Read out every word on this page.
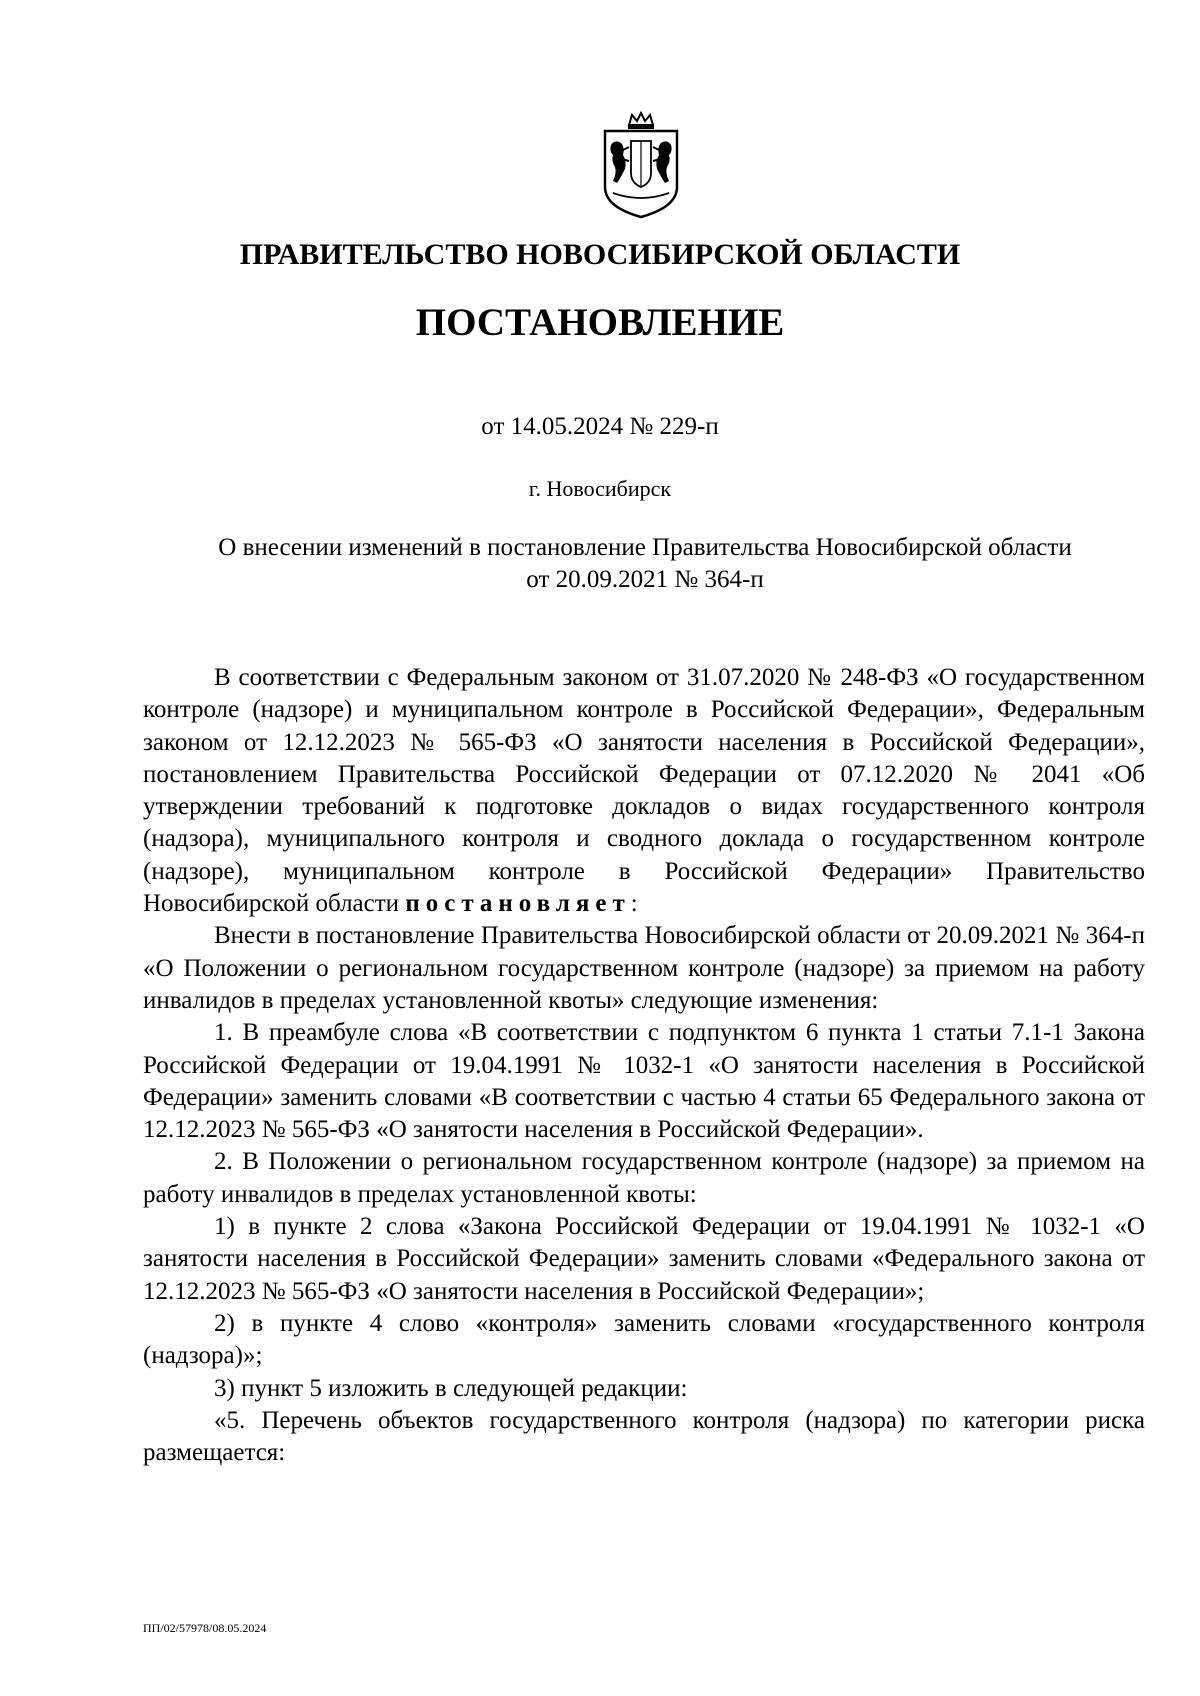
ПРАВИТЕЛЬСТВО НОВОСИБИРСКОЙ ОБЛАСТИ
ПОСТАНОВЛЕНИЕ
от 14.05.2024 № 229-п
г. Новосибирск
О внесении изменений в постановление Правительства Новосибирской области
от 20.09.2021 № 364-п

В соответствии с Федеральным законом от 31.07.2020 № 248-ФЗ «О государственном контроле (надзоре) и муниципальном контроле в Российской Федерации», Федеральным законом от 12.12.2023 № 565-ФЗ «О занятости населения в Российской Федерации», постановлением Правительства Российской Федерации от 07.12.2020 № 2041 «Об утверждении требований к подготовке докладов о видах государственного контроля (надзора), муниципального контроля и сводного доклада о государственном контроле (надзоре), муниципальном контроле в Российской Федерации» Правительство Новосибирской области постановляет:

Внести в постановление Правительства Новосибирской области от 20.09.2021 № 364-п «О Положении о региональном государственном контроле (надзоре) за приемом на работу инвалидов в пределах установленной квоты» следующие изменения:

1. В преамбуле слова «В соответствии с подпунктом 6 пункта 1 статьи 7.1-1 Закона Российской Федерации от 19.04.1991 № 1032-1 «О занятости населения в Российской Федерации» заменить словами «В соответствии с частью 4 статьи 65 Федерального закона от 12.12.2023 № 565-ФЗ «О занятости населения в Российской Федерации».

2. В Положении о региональном государственном контроле (надзоре) за приемом на работу инвалидов в пределах установленной квоты:

1) в пункте 2 слова «Закона Российской Федерации от 19.04.1991 № 1032-1 «О занятости населения в Российской Федерации» заменить словами «Федерального закона от 12.12.2023 № 565-ФЗ «О занятости населения в Российской Федерации»;

2) в пункте 4 слово «контроля» заменить словами «государственного контроля (надзора)»;

3) пункт 5 изложить в следующей редакции:

«5. Перечень объектов государственного контроля (надзора) по категории риска размещается:

ПП/02/57978/08.05.2024
